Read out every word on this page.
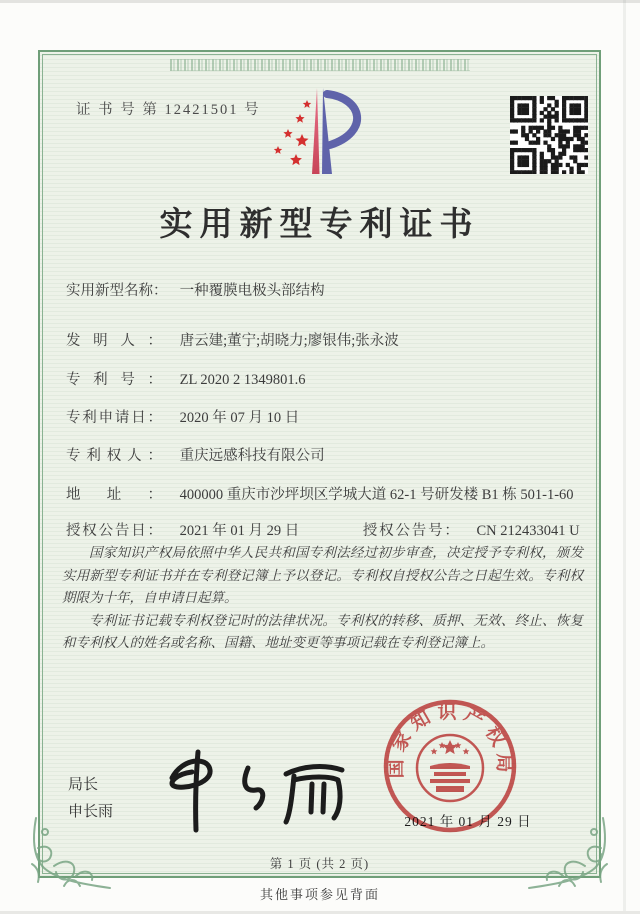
证 书 号 第 12421501 号
实用新型专利证书
实用新型名称： 一种覆膜电极头部结构
发明人： 唐云建;董宁;胡晓力;廖银伟;张永波
专利号： ZL 2020 2 1349801.6
专利申请日： 2020 年 07 月 10 日
专利权人： 重庆远感科技有限公司
地址： 400000 重庆市沙坪坝区学城大道 62-1 号研发楼 B1 栋 501-1-60
授权公告日： 2021 年 01 月 29 日	授权公告号： CN 212433041 U

国家知识产权局依照中华人民共和国专利法经过初步审查，决定授予专利权，颁发实用新型专利证书并在专利登记簿上予以登记。专利权自授权公告之日起生效。专利权期限为十年，自申请日起算。

专利证书记载专利权登记时的法律状况。专利权的转移、质押、无效、终止、恢复和专利权人的姓名或名称、国籍、地址变更等事项记载在专利登记簿上。

局长
申长雨
2021 年 01 月 29 日
国家知识产权局
第 1 页 (共 2 页)
其他事项参见背面
